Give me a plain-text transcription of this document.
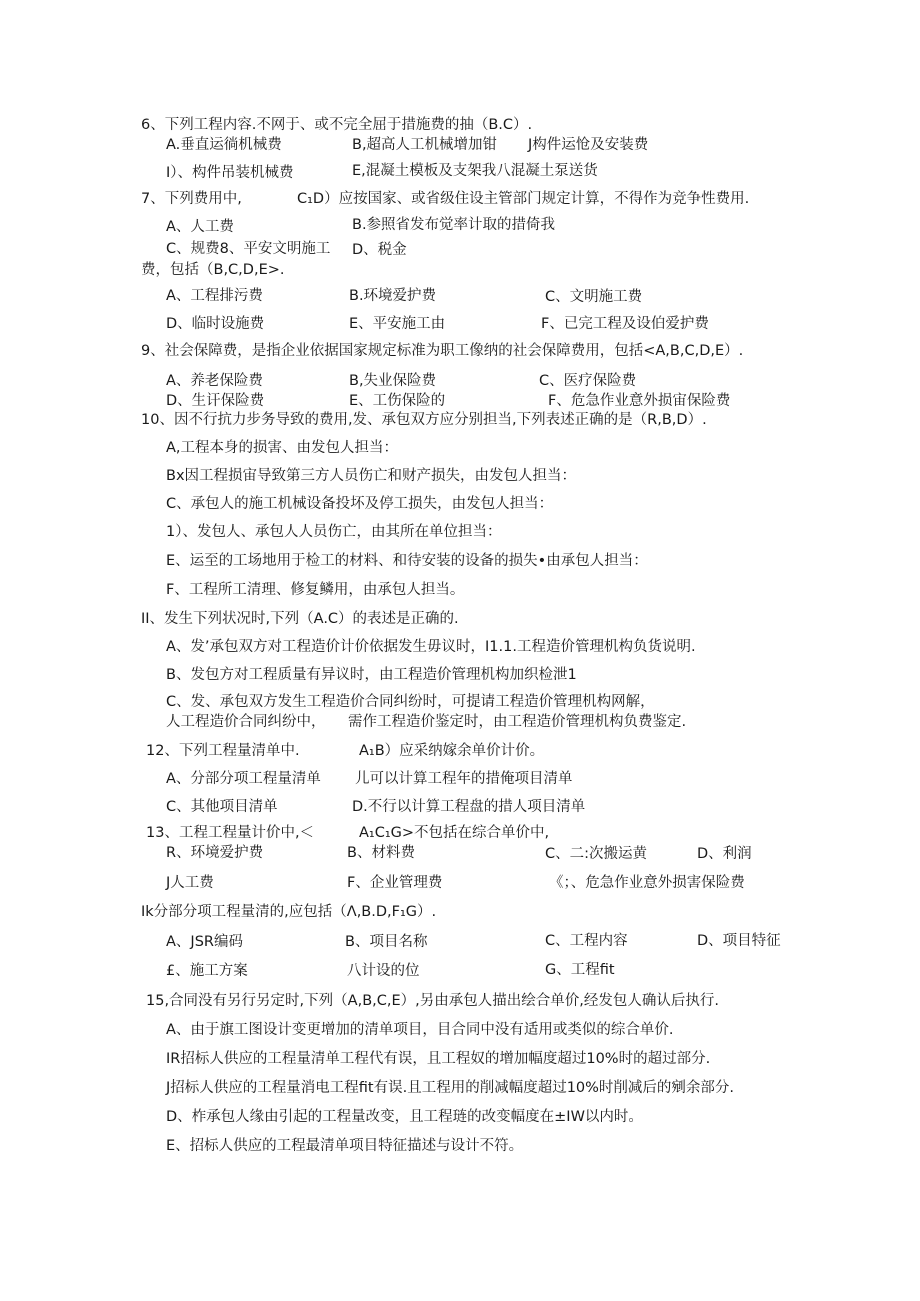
6、下列工程内容.不网于、或不完全屈于措施费的抽（B.C）.
A.垂直运徜机械费	B,超高人工机械增加钳 J构件运怆及安装费
I）、构件吊装机械费	E,混凝土模板及支架我八混凝土泵送货
7、下列费用中,	C₁D）应按国家、或省级住设主管部门规定计算，不得作为竞争性费用.
A、人工费	B.参照省发布觉率计取的措倚我
C、规费8、平安文明施工 D、税金
费，包括（B,C,D,E>.
A、工程排污费	B.环境爱护费	C、文明施工费
D、临时设施费	E、平安施工由	F、已完工程及设伯爱护费
9、社会保障费，是指企业依据国家规定标准为职工像纳的社会保障费用，包括<A,B,C,D,E）.
A、养老保险费	B,失业保险费	C、医疗保险费
D、生讦保险费	E、工伤保险的	F、危急作业意外损宙保险费
10、因不行抗力步务导致的费用,发、承包双方应分别担当,下列表述正确的是（R,B,D）.
A,工程本身的损害、由发包人担当：
Bx因工程损宙导致第三方人员伤亡和财产损失，由发包人担当：
C、承包人的施工机械设备投坏及停工损失，由发包人担当：
1）、发包人、承包人人员伤亡，由其所在单位担当：
E、运至的工场地用于检工的材料、和待安装的设备的损失•由承包人担当：
F、工程所工清理、修复鳞用，由承包人担当。
II、发生下列状况时,下列（A.C）的表述是正确的.
A、发’承包双方对工程造价计价依据发生毋议时，I1.1.工程造价管理机构负货说明.
B、发包方对工程质量有异议时，由工程造价管理机构加织检泄1
C、发、承包双方发生工程造价合同纠纷时，可提请工程造价管理机构网解，
人工程造价合同纠纷中， 需作工程造价鉴定时，由工程造价管理机构负费鉴定.
12、下列工程量清单中.	A₁B）应采纳嫁余单价计价。
A、分部分项工程量清单 儿可以计算工程年的措俺项目清单
C、其他项目清单	D.不行以计算工程盘的措人项目清单
13、工程工程量计价中,＜	A₁C₁G>不包括在综合单价中,
R、环境爱护费	B、材料费	C、二:次搬运黄	D、利润
J人工费	F、企业管理费	《；、危急作业意外损害保险费
Ik分部分项工程量清的,应包括（Λ,B.D,F₁G）.
A、JSR编码	B、项目名称	C、工程内容	D、项目特征
£、施工方案	八计设的位	G、工程fit
15,合同没有另行另定时,下列（A,B,C,E）,另由承包人描出绘合单价,经发包人确认后执行.
A、由于旗工图设计变更增加的清单项目，目合同中没有适用或类似的综合单价.
IR招标人供应的工程量清单工程代有误，且工程奴的增加幅度超过10%时的超过部分.
J招标人供应的工程量消电工程fit有误.且工程用的削减幅度超过10%时削减后的剜余部分.
D、柞承包人缘由引起的工程量改变，且工程琏的改变幅度在±IW以内时。
E、招标人供应的工程最清单项目特征描述与设计不符。
